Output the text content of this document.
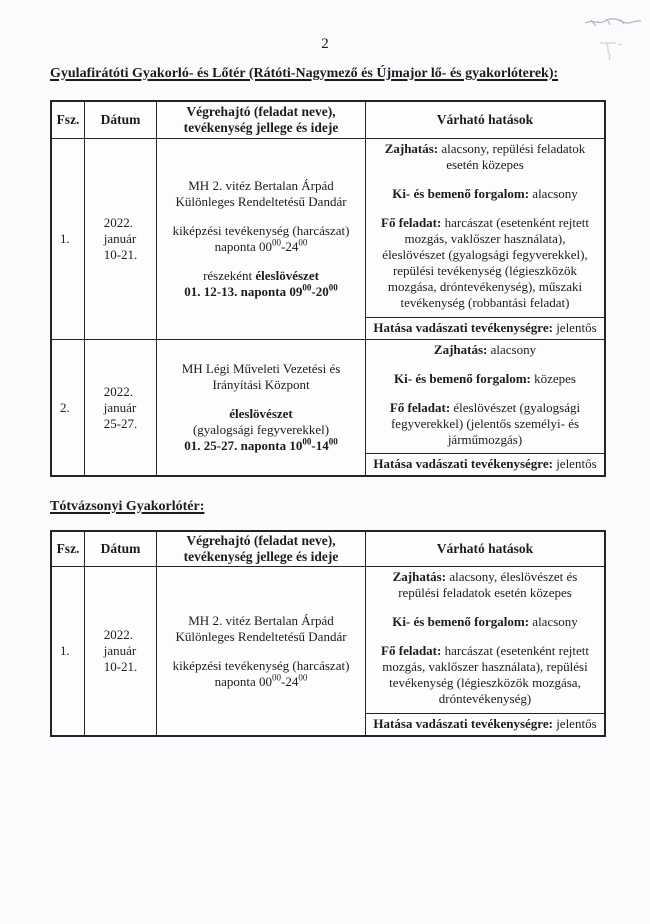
2
Gyulafirátóti Gyakorló- és Lőtér (Rátóti-Nagymező és Újmajor lő- és gyakorlóterek):
Fsz. Dátum
Végrehajtó (feladat neve),
tevékenység jellege és ideje
Várható hatások
1.
2022.
január
10-21.
MH 2. vitéz Bertalan Árpád
Különleges Rendeltetésű Dandár
kiképzési tevékenység (harcászat)
naponta $00^{00}-24^{00}$
részeként éleslövészet
01. 12-13. naponta $09^{00}-20^{00}$
Zajhatás: alacsony, repülési feladatok
esetén közepes
Ki- és bemenő forgalom: alacsony
Fő feladat: harcászat (esetenként rejtett
mozgás, vaklőszer használata),
éleslövészet (gyalogsági fegyverekkel),
repülési tevékenység (légieszközök
mozgása, dróntevékenység), műszaki
tevékenység (robbantási feladat)
Hatása vadászati tevékenységre: jelentős
2.
2022.
január
25-27.
MH Légi Műveleti Vezetési és
Irányítási Központ
éleslövészet
(gyalogsági fegyverekkel)
01. 25-27. naponta $10^{00}-14^{00}$
Zajhatás: alacsony
Ki- és bemenő forgalom: közepes
Fő feladat: éleslövészet (gyalogsági
fegyverekkel) (jelentős személyi- és
járműmozgás)
Hatása vadászati tevékenységre: jelentős
Tótvázsonyi Gyakorlótér:
Fsz. Dátum
Végrehajtó (feladat neve),
tevékenység jellege és ideje
Várható hatások
1.
2022.
január
10-21.
MH 2. vitéz Bertalan Árpád
Különleges Rendeltetésű Dandár
kiképzési tevékenység (harcászat)
naponta $00^{00}-24^{00}$
Zajhatás: alacsony, éleslövészet és
repülési feladatok esetén közepes
Ki- és bemenő forgalom: alacsony
Fő feladat: harcászat (esetenként rejtett
mozgás, vaklőszer használata), repülési
tevékenység (légieszközök mozgása,
dróntevékenység)
Hatása vadászati tevékenységre: jelentős
